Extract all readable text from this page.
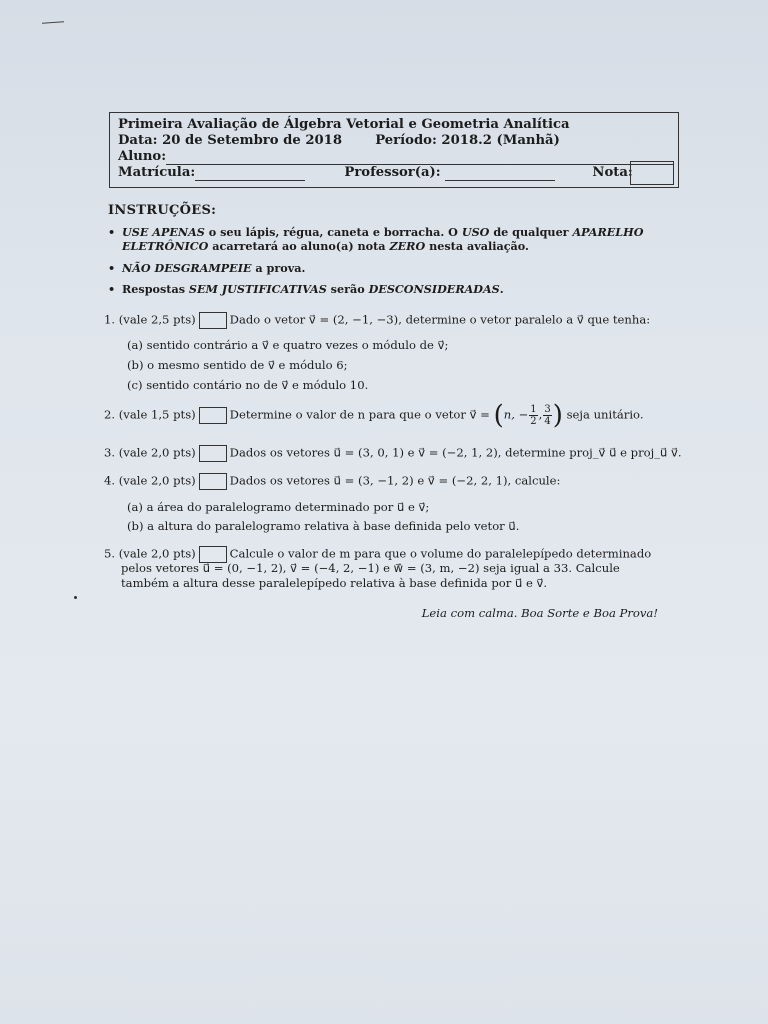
Primeira Avaliação de Álgebra Vetorial e Geometria Analítica
Data: 20 de Setembro de 2018	Período: 2018.2 (Manhã)
Aluno:
Matrícula:	Professor(a):	Nota:
INSTRUÇÕES:
• USE APENAS o seu lápis, régua, caneta e borracha. O USO de qualquer APARELHO
ELETRÔNICO acarretará ao aluno(a) nota ZERO nesta avaliação.
• NÃO DESGRAMPEIE a prova.
• Respostas SEM JUSTIFICATIVAS serão DESCONSIDERADAS.
1. (vale 2,5 pts)	Dado o vetor v⃗ = (2, −1, −3), determine o vetor paralelo a v⃗ que tenha:
(a) sentido contrário a v⃗ e quatro vezes o módulo de v⃗;
(b) o mesmo sentido de v⃗ e módulo 6;
(c) sentido contário no de v⃗ e módulo 10.
2. (vale 1,5 pts)	Determine o valor de n para que o vetor v⃗ = (n, − $\frac{1}{2}$ , $\frac{3}{4}$ ) seja unitário.
3. (vale 2,0 pts)	Dados os vetores u⃗ = (3, 0, 1) e v⃗ = (−2, 1, 2), determine proj_v⃗ u⃗ e proj_u⃗ v⃗.
4. (vale 2,0 pts)	Dados os vetores u⃗ = (3, −1, 2) e v⃗ = (−2, 2, 1), calcule:
(a) a área do paralelogramo determinado por u⃗ e v⃗;
(b) a altura do paralelogramo relativa à base definida pelo vetor u⃗.
5. (vale 2,0 pts)	Calcule o valor de m para que o volume do paralelepípedo determinado
pelos vetores u⃗ = (0, −1, 2), v⃗ = (−4, 2, −1) e w⃗ = (3, m, −2) seja igual a 33. Calcule
também a altura desse paralelepípedo relativa à base definida por u⃗ e v⃗.
Leia com calma. Boa Sorte e Boa Prova!
